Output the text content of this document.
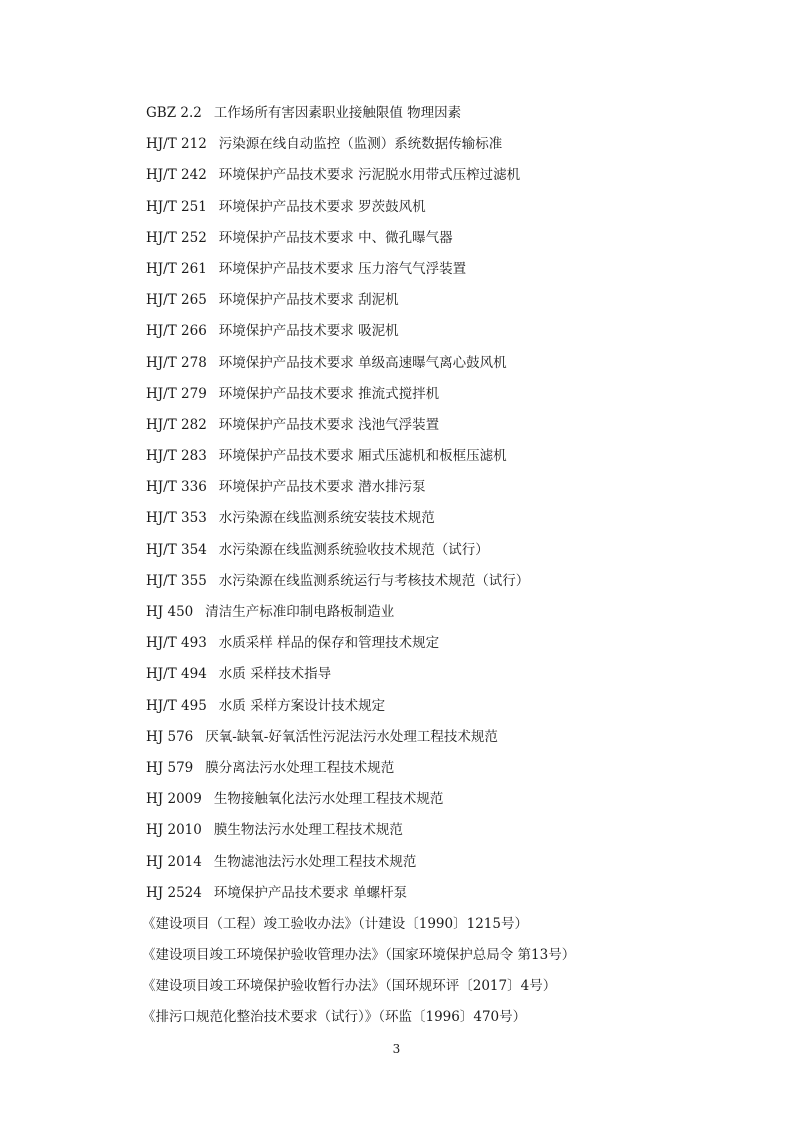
GBZ 2.2 工作场所有害因素职业接触限值 物理因素
HJ/T 212 污染源在线自动监控（监测）系统数据传输标准
HJ/T 242 环境保护产品技术要求 污泥脱水用带式压榨过滤机
HJ/T 251 环境保护产品技术要求 罗茨鼓风机
HJ/T 252 环境保护产品技术要求 中、微孔曝气器
HJ/T 261 环境保护产品技术要求 压力溶气气浮装置
HJ/T 265 环境保护产品技术要求 刮泥机
HJ/T 266 环境保护产品技术要求 吸泥机
HJ/T 278 环境保护产品技术要求 单级高速曝气离心鼓风机
HJ/T 279 环境保护产品技术要求 推流式搅拌机
HJ/T 282 环境保护产品技术要求 浅池气浮装置
HJ/T 283 环境保护产品技术要求 厢式压滤机和板框压滤机
HJ/T 336 环境保护产品技术要求 潜水排污泵
HJ/T 353 水污染源在线监测系统安装技术规范
HJ/T 354 水污染源在线监测系统验收技术规范（试行）
HJ/T 355 水污染源在线监测系统运行与考核技术规范（试行）
HJ 450 清洁生产标准印制电路板制造业
HJ/T 493 水质采样 样品的保存和管理技术规定
HJ/T 494 水质 采样技术指导
HJ/T 495 水质 采样方案设计技术规定
HJ 576 厌氧-缺氧-好氧活性污泥法污水处理工程技术规范
HJ 579 膜分离法污水处理工程技术规范
HJ 2009 生物接触氧化法污水处理工程技术规范
HJ 2010 膜生物法污水处理工程技术规范
HJ 2014 生物滤池法污水处理工程技术规范
HJ 2524 环境保护产品技术要求 单螺杆泵
《建设项目（工程）竣工验收办法》（计建设〔1990〕1215号）
《建设项目竣工环境保护验收管理办法》（国家环境保护总局令 第13号）
《建设项目竣工环境保护验收暂行办法》（国环规环评〔2017〕4号）
《排污口规范化整治技术要求（试行）》（环监〔1996〕470号）
3
